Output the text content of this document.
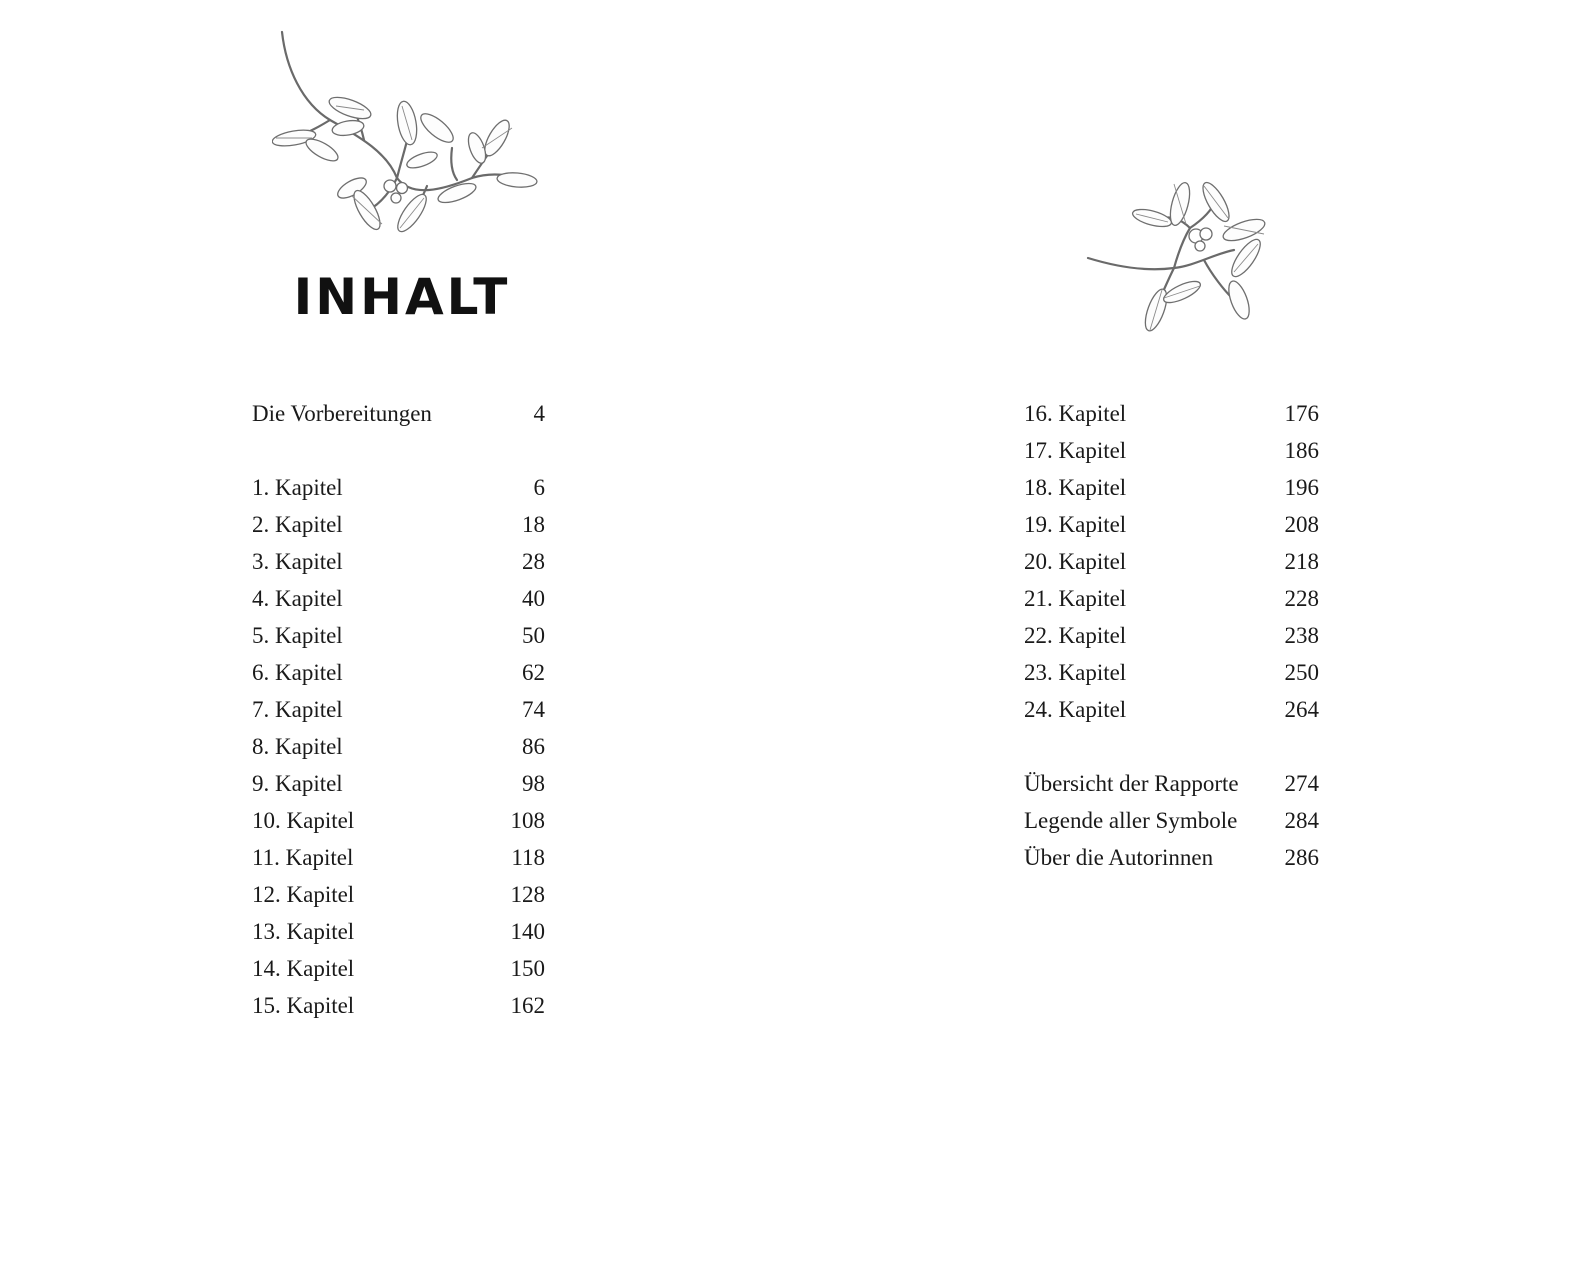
INHALT
Die Vorbereitungen	4
1. Kapitel	6
2. Kapitel	18
3. Kapitel	28
4. Kapitel	40
5. Kapitel	50
6. Kapitel	62
7. Kapitel	74
8. Kapitel	86
9. Kapitel	98
10. Kapitel	108
11. Kapitel	118
12. Kapitel	128
13. Kapitel	140
14. Kapitel	150
15. Kapitel	162
16. Kapitel	176
17. Kapitel	186
18. Kapitel	196
19. Kapitel	208
20. Kapitel	218
21. Kapitel	228
22. Kapitel	238
23. Kapitel	250
24. Kapitel	264
Übersicht der Rapporte 274
Legende aller Symbole 284
Über die Autorinnen	286
